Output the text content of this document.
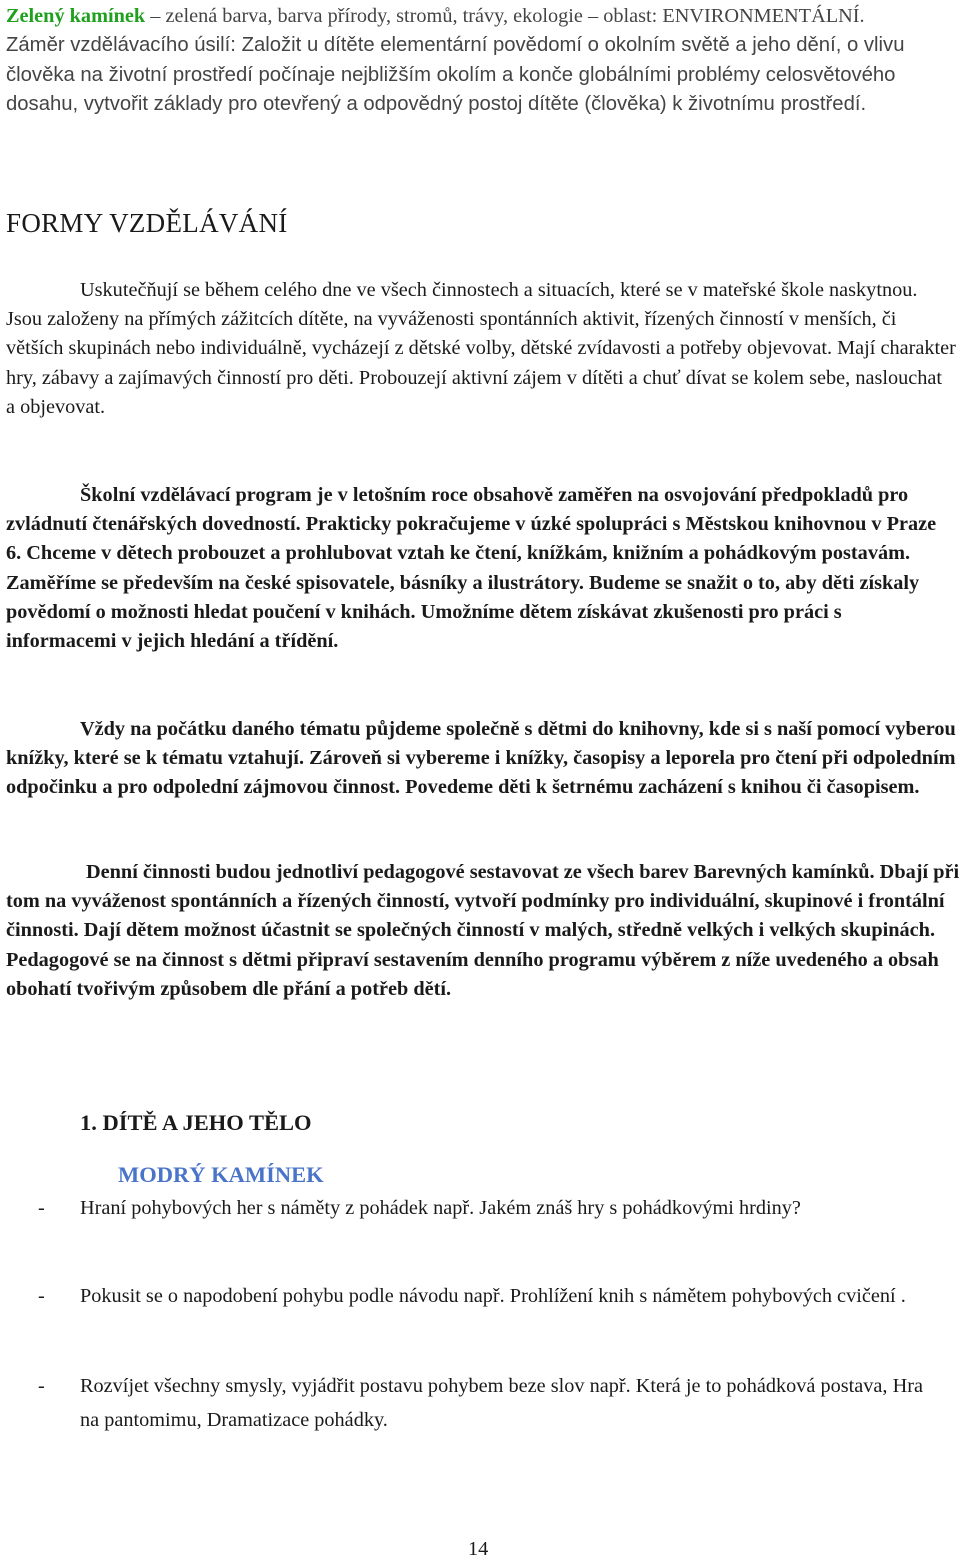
Zelený kamínek – zelená barva, barva přírody, stromů, trávy, ekologie – oblast: ENVIRONMENTÁLNÍ.
Záměr vzdělávacího úsilí: Založit u dítěte elementární povědomí o okolním světě a jeho dění, o vlivu člověka na životní prostředí počínaje nejbližším okolím a konče globálními problémy celosvětového dosahu, vytvořit základy pro otevřený a odpovědný postoj dítěte (člověka) k životnímu prostředí.
FORMY VZDĚLÁVÁNÍ
Uskutečňují se během celého dne ve všech činnostech a situacích, které se v mateřské škole naskytnou. Jsou založeny na přímých zážitcích dítěte, na vyváženosti spontánních aktivit, řízených činností v menších, či větších skupinách nebo individuálně, vycházejí z dětské volby, dětské zvídavosti a potřeby objevovat. Mají charakter hry, zábavy a zajímavých činností pro děti. Probouzejí aktivní zájem v dítěti a chuť dívat se kolem sebe, naslouchat a objevovat.
Školní vzdělávací program je v letošním roce obsahově zaměřen na osvojování předpokladů pro zvládnutí čtenářských dovedností. Prakticky pokračujeme v úzké spolupráci s Městskou knihovnou v Praze 6. Chceme v dětech probouzet a prohlubovat vztah ke čtení, knížkám, knižním a pohádkovým postavám. Zaměříme se především na české spisovatele, básníky a ilustrátory. Budeme se snažit o to, aby děti získaly povědomí o možnosti hledat poučení v knihách. Umožníme dětem získávat zkušenosti pro práci s informacemi v jejich hledání a třídění.
Vždy na počátku daného tématu půjdeme společně s dětmi do knihovny, kde si s naší pomocí vyberou knížky, které se k tématu vztahují. Zároveň si vybereme i knížky, časopisy a leporela pro čtení při odpoledním odpočinku a pro odpolední zájmovou činnost. Povedeme děti k šetrnému zacházení s knihou či časopisem.
Denní činnosti budou jednotliví pedagogové sestavovat ze všech barev Barevných kamínků. Dbají při tom na vyváženost spontánních a řízených činností, vytvoří podmínky pro individuální, skupinové i frontální činnosti. Dají dětem možnost účastnit se společných činností v malých, středně velkých i velkých skupinách. Pedagogové se na činnost s dětmi připraví sestavením denního programu výběrem z níže uvedeného a obsah obohatí tvořivým způsobem dle přání a potřeb dětí.
1. DÍTĚ A JEHO TĚLO
MODRÝ KAMÍNEK
- Hraní pohybových her s náměty z pohádek např. Jakém znáš hry s pohádkovými hrdiny?
- Pokusit se o napodobení pohybu podle návodu např. Prohlížení knih s námětem pohybových cvičení .
- Rozvíjet všechny smysly, vyjádřit postavu pohybem beze slov např. Která je to pohádková postava, Hra na pantomimu, Dramatizace pohádky.
14
